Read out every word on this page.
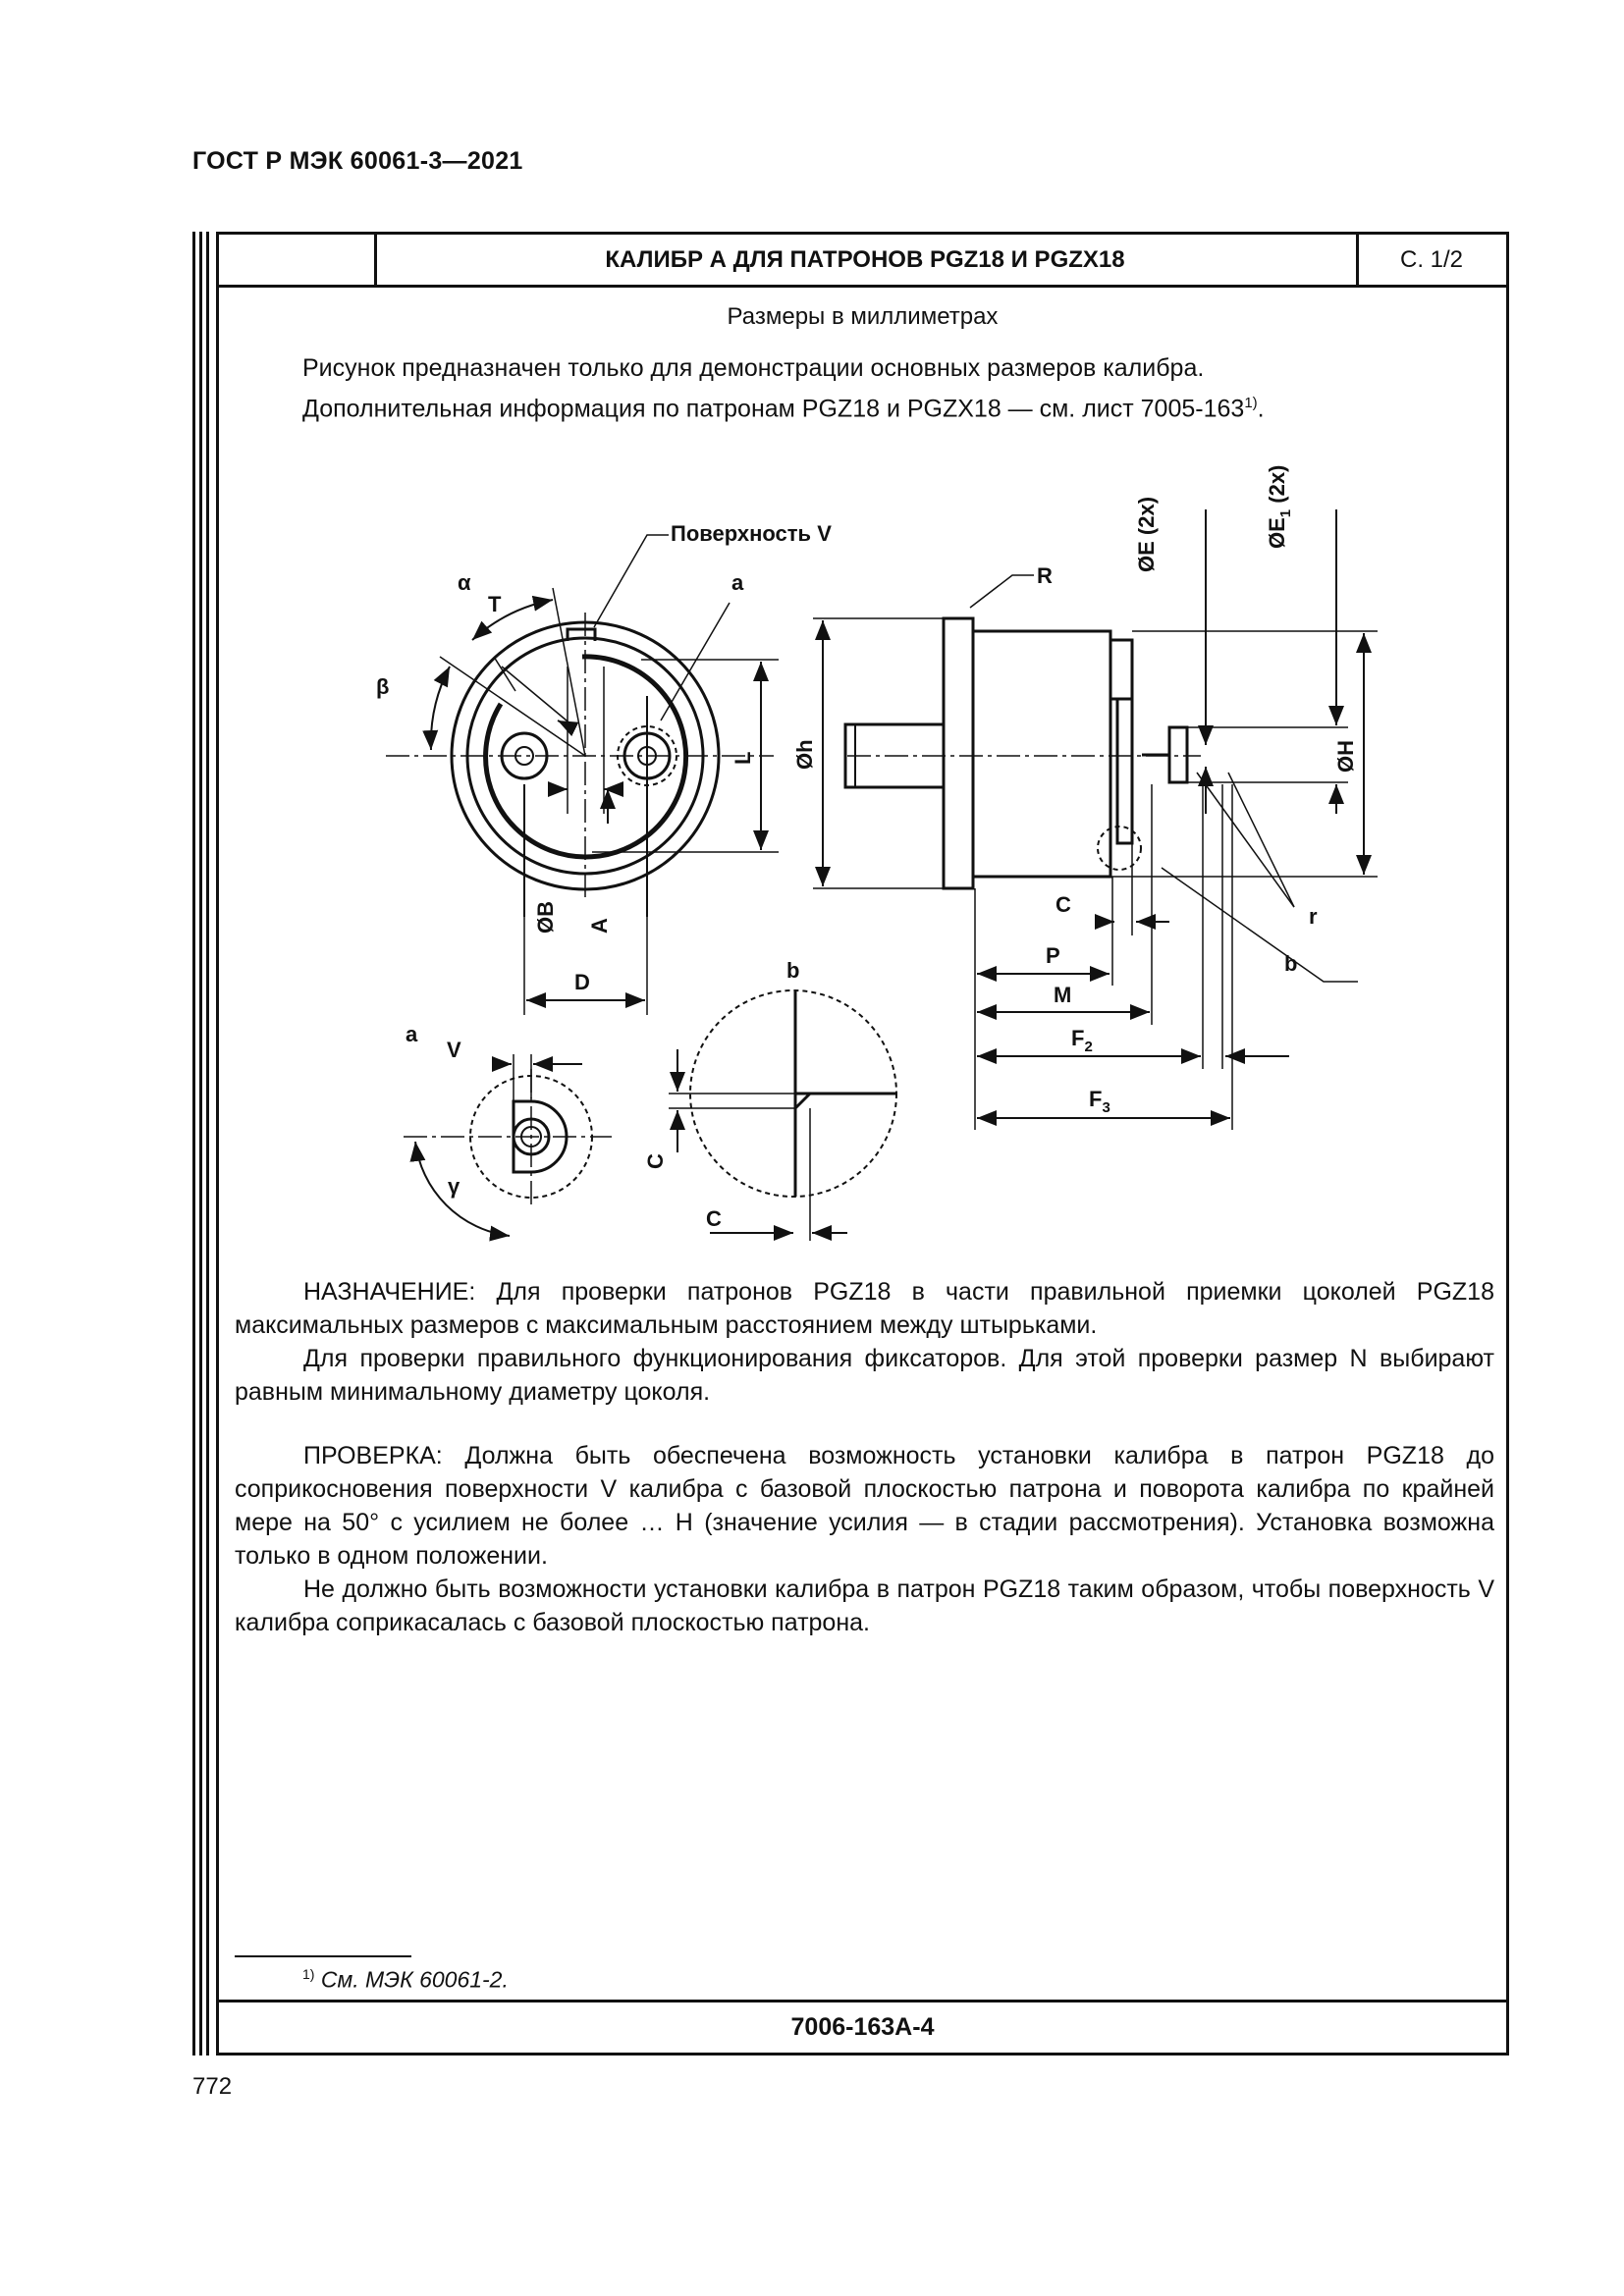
ГОСТ Р МЭК 60061-3—2021
КАЛИБР А ДЛЯ ПАТРОНОВ PGZ18 И PGZX18	С. 1/2
Размеры в миллиметрах
Рисунок предназначен только для демонстрации основных размеров калибра.
Дополнительная информация по патронам PGZ18 и PGZX18 — см. лист 7005-163$^{1)}$.
Поверхность V
α
T
a
β
L
ØB A
D
R
Øh	ØH
ØE (2x)	$ØE_1$ (2x)
r
b
C
P
M
$F_2$
$F_3$
a
V
γ
b
C
C

НАЗНАЧЕНИЕ: Для проверки патронов PGZ18 в части правильной приемки цоколей PGZ18 максимальных размеров с максимальным расстоянием между штырьками.

Для проверки правильного функционирования фиксаторов. Для этой проверки размер N выбирают равным минимальному диаметру цоколя.

ПРОВЕРКА: Должна быть обеспечена возможность установки калибра в патрон PGZ18 до соприкосновения поверхности V калибра с базовой плоскостью патрона и поворота калибра по крайней мере на 50° с усилием не более … Н (значение усилия — в стадии рассмотрения). Установка возможна только в одном положении.

Не должно быть возможности установки калибра в патрон PGZ18 таким образом, чтобы поверхность V калибра соприкасалась с базовой плоскостью патрона.

$^{1)}$ См. МЭК 60061-2.
7006-163A-4
772
